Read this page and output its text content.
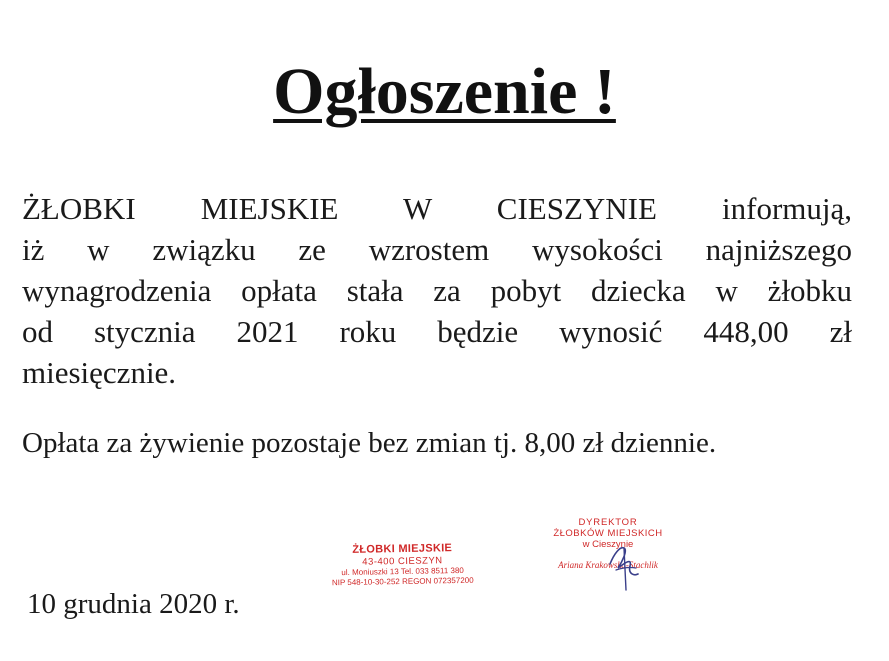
Ogłoszenie !
ŻŁOBKI MIEJSKIE W CIESZYNIE informują,
iż w związku ze wzrostem wysokości najniższego
wynagrodzenia opłata stała za pobyt dziecka w żłobku
od stycznia 2021 roku będzie wynosić 448,00 zł
miesięcznie.
Opłata za żywienie pozostaje bez zmian tj. 8,00 zł dziennie.
ŻŁOBKI MIEJSKIE
43-400 CIESZYN
ul. Moniuszki 13 Tel. 033 8511 380
NIP 548-10-30-252 REGON 072357200
DYREKTOR
ŻŁOBKÓW MIEJSKICH
w Cieszynie
Ariana Krakowska-Stachlik
10 grudnia 2020 r.
